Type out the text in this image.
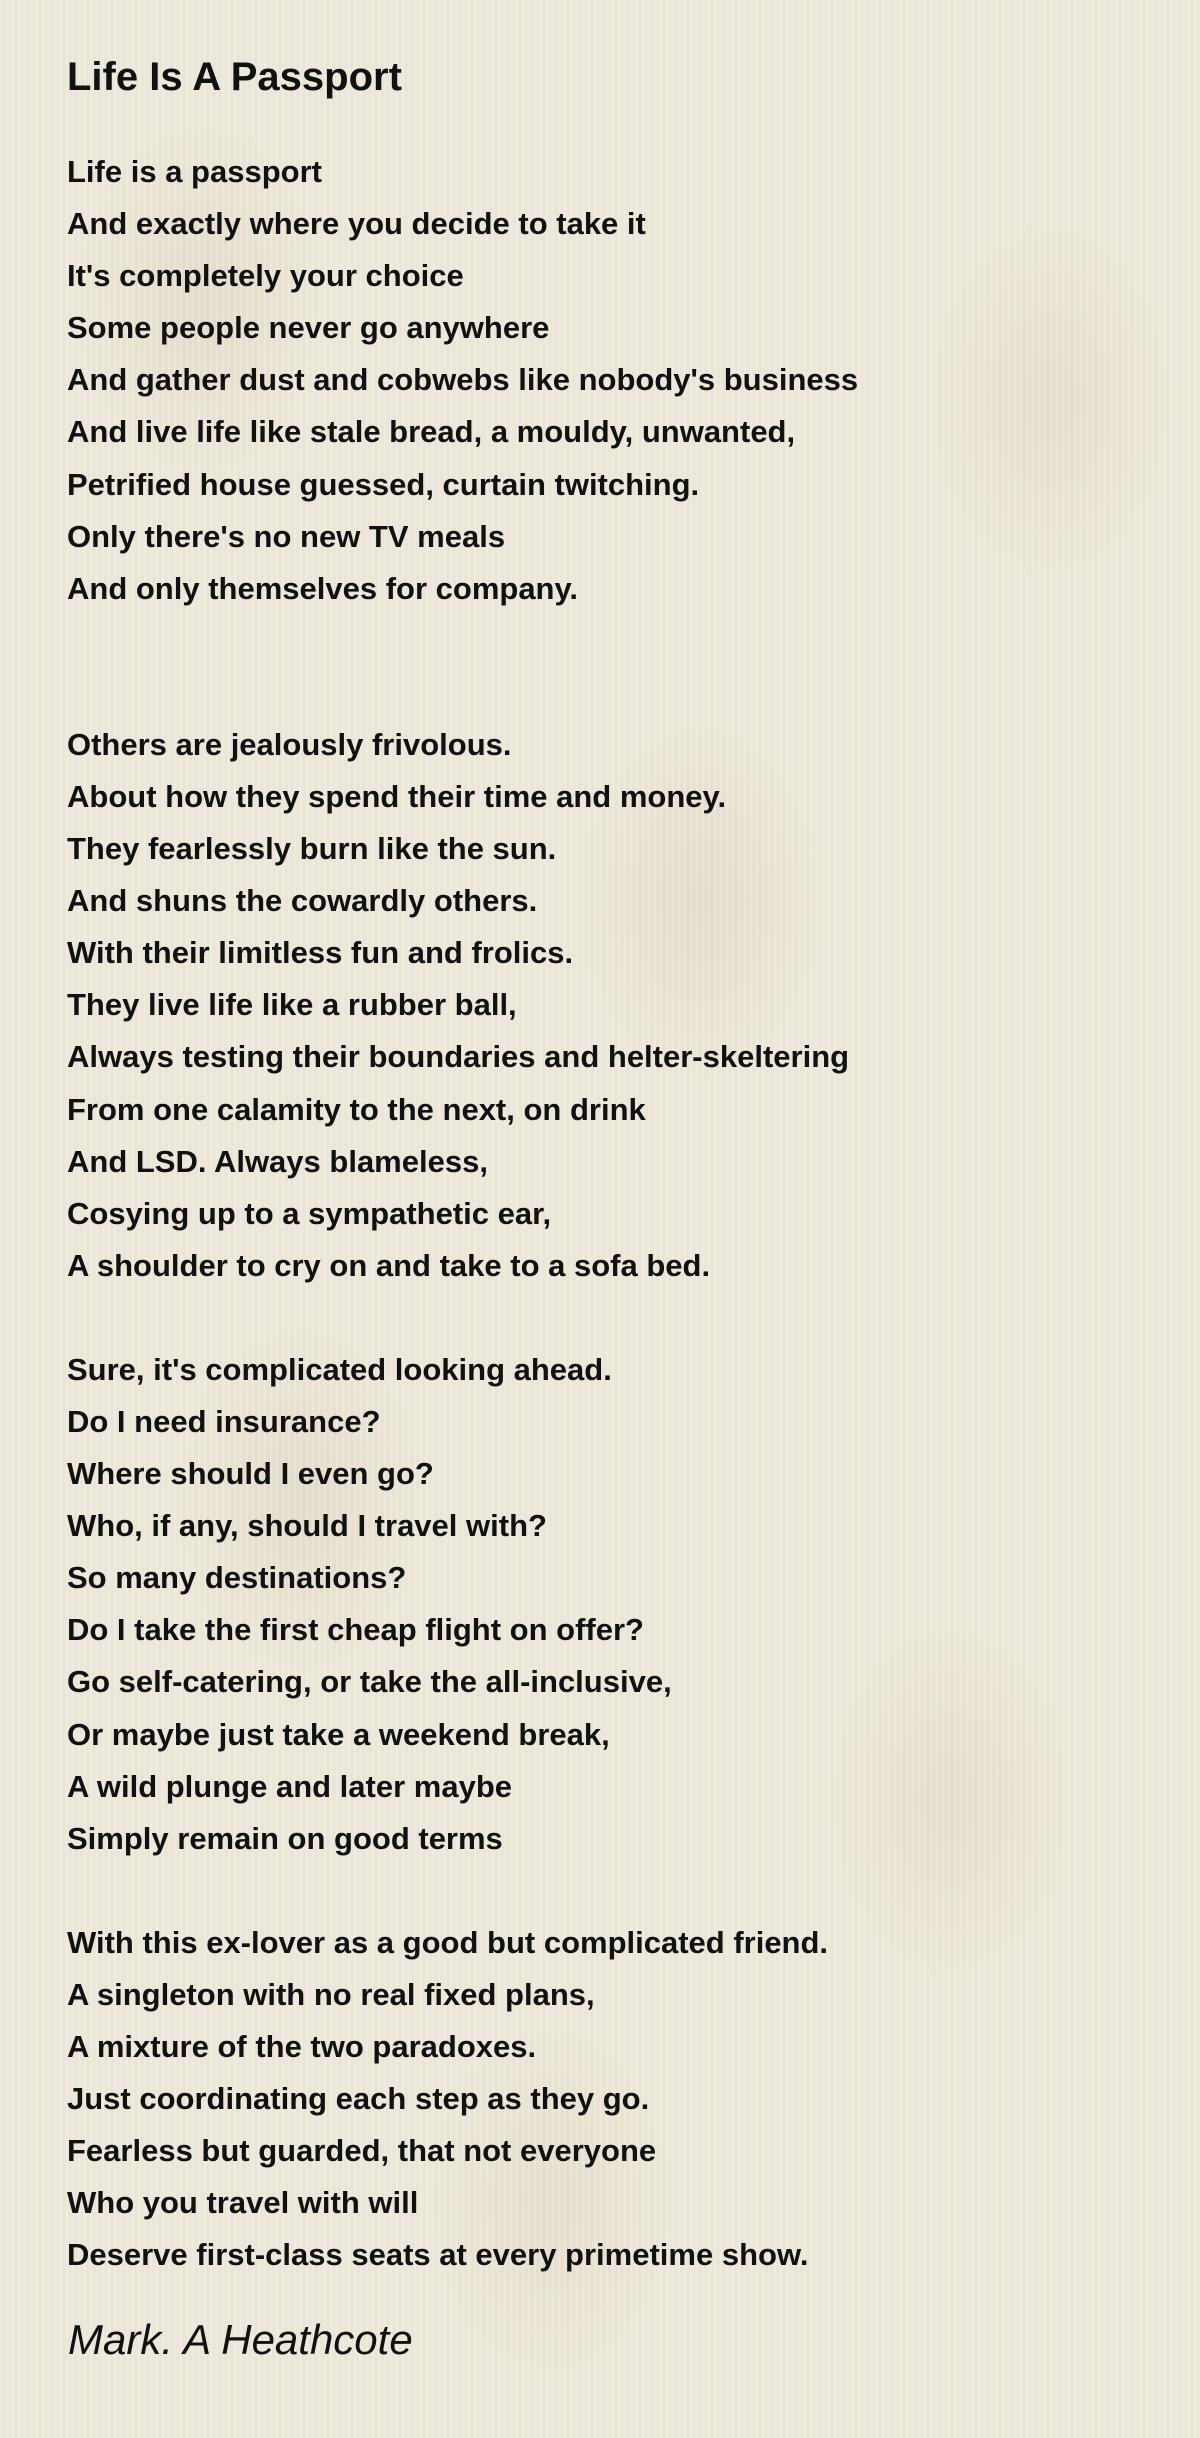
Life Is A Passport
Life is a passport
And exactly where you decide to take it
It's completely your choice
Some people never go anywhere
And gather dust and cobwebs like nobody's business
And live life like stale bread, a mouldy, unwanted,
Petrified house guessed, curtain twitching.
Only there's no new TV meals
And only themselves for company.
Others are jealously frivolous.
About how they spend their time and money.
They fearlessly burn like the sun.
And shuns the cowardly others.
With their limitless fun and frolics.
They live life like a rubber ball,
Always testing their boundaries and helter-skeltering
From one calamity to the next, on drink
And LSD. Always blameless,
Cosying up to a sympathetic ear,
A shoulder to cry on and take to a sofa bed.
Sure, it's complicated looking ahead.
Do I need insurance?
Where should I even go?
Who, if any, should I travel with?
So many destinations?
Do I take the first cheap flight on offer?
Go self-catering, or take the all-inclusive,
Or maybe just take a weekend break,
A wild plunge and later maybe
Simply remain on good terms
With this ex-lover as a good but complicated friend.
A singleton with no real fixed plans,
A mixture of the two paradoxes.
Just coordinating each step as they go.
Fearless but guarded, that not everyone
Who you travel with will
Deserve first-class seats at every primetime show.
Mark. A Heathcote
